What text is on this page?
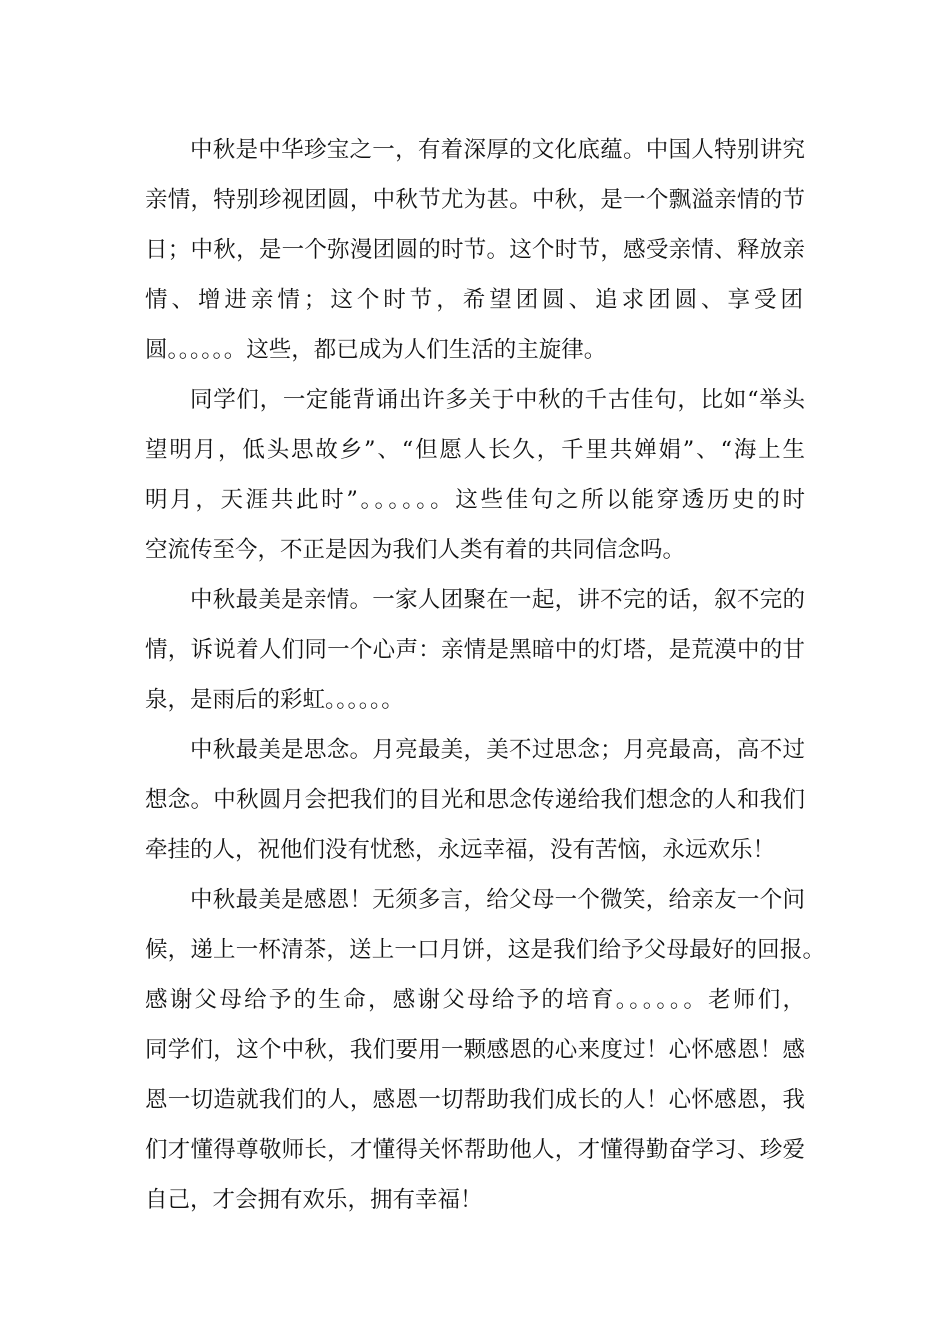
中秋是中华珍宝之一，有着深厚的文化底蕴。中国人特别讲究

亲情，特别珍视团圆，中秋节尤为甚。中秋，是一个飘溢亲情的节

日；中秋，是一个弥漫团圆的时节。这个时节，感受亲情、释放亲

情、增进亲情；这个时节，希望团圆、追求团圆、享受团

圆。。。。。。这些，都已成为人们生活的主旋律。

同学们，一定能背诵出许多关于中秋的千古佳句，比如“举头

望明月，低头思故乡”、“但愿人长久，千里共婵娟”、“海上生

明月，天涯共此时”。。。。。。这些佳句之所以能穿透历史的时

空流传至今，不正是因为我们人类有着的共同信念吗。

中秋最美是亲情。一家人团聚在一起，讲不完的话，叙不完的

情，诉说着人们同一个心声：亲情是黑暗中的灯塔，是荒漠中的甘

泉，是雨后的彩虹。。。。。。

中秋最美是思念。月亮最美，美不过思念；月亮最高，高不过

想念。中秋圆月会把我们的目光和思念传递给我们想念的人和我们

牵挂的人，祝他们没有忧愁，永远幸福，没有苦恼，永远欢乐！

中秋最美是感恩！无须多言，给父母一个微笑，给亲友一个问

候，递上一杯清茶，送上一口月饼，这是我们给予父母最好的回报。

感谢父母给予的生命，感谢父母给予的培育。。。。。。老师们，

同学们，这个中秋，我们要用一颗感恩的心来度过！心怀感恩！感

恩一切造就我们的人，感恩一切帮助我们成长的人！心怀感恩，我

们才懂得尊敬师长，才懂得关怀帮助他人，才懂得勤奋学习、珍爱

自己，才会拥有欢乐，拥有幸福！
